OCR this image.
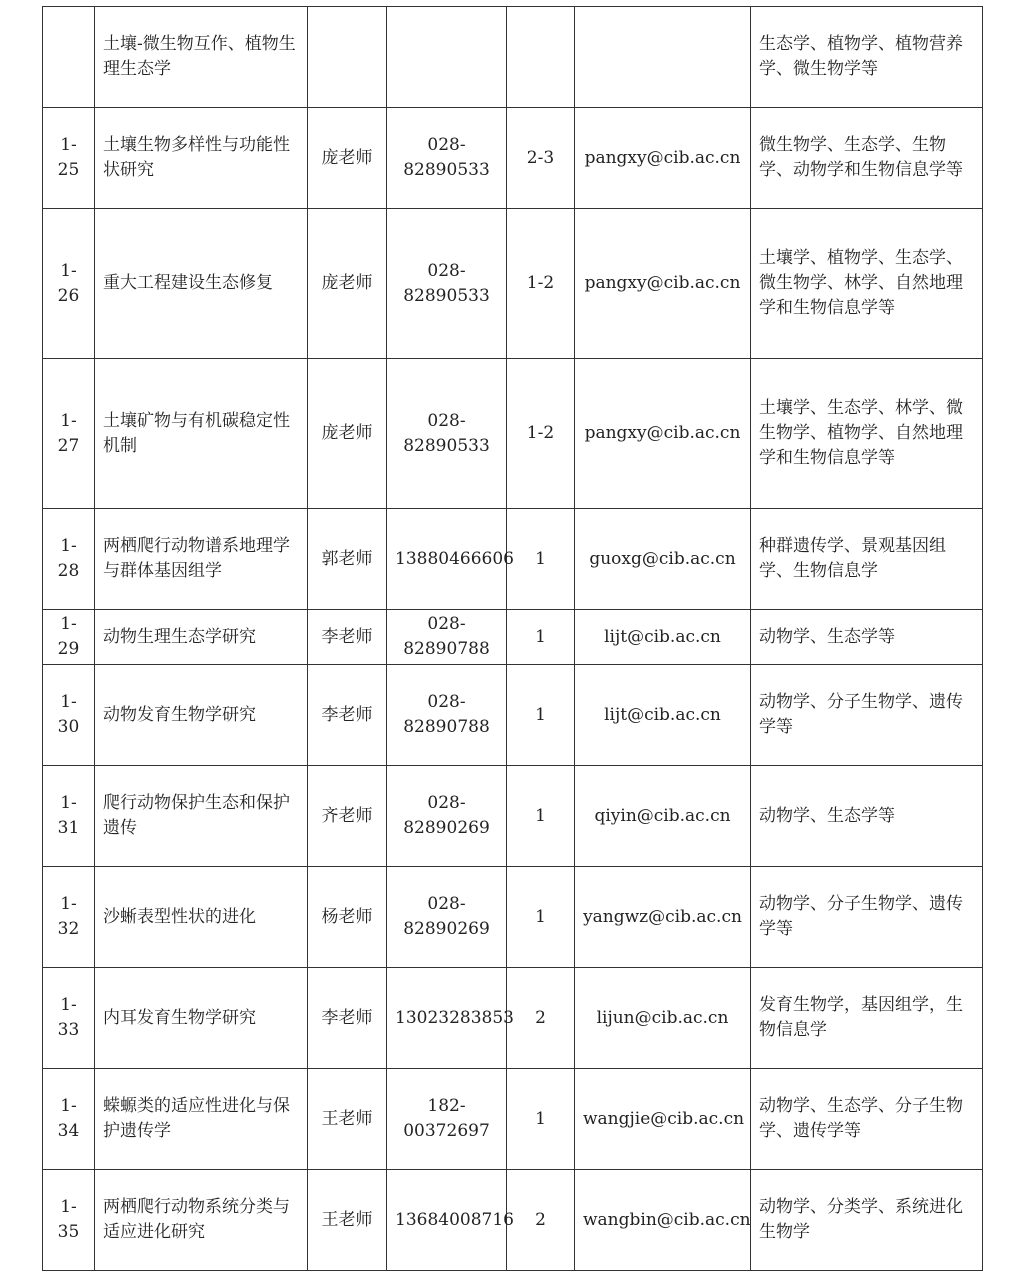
	土壤-微生物互作、植物生理生态学					生态学、植物学、植物营养学、微生物学等
1-25	土壤生物多样性与功能性状研究	庞老师	028-82890533	2-3	pangxy@cib.ac.cn	微生物学、生态学、生物学、动物学和生物信息学等
1-26	重大工程建设生态修复	庞老师	028-82890533	1-2	pangxy@cib.ac.cn	土壤学、植物学、生态学、微生物学、林学、自然地理学和生物信息学等
1-27	土壤矿物与有机碳稳定性机制	庞老师	028-82890533	1-2	pangxy@cib.ac.cn	土壤学、生态学、林学、微生物学、植物学、自然地理学和生物信息学等
1-28	两栖爬行动物谱系地理学与群体基因组学	郭老师	13880466606	1	guoxg@cib.ac.cn	种群遗传学、景观基因组学、生物信息学
1-29	动物生理生态学研究	李老师	028-82890788	1	lijt@cib.ac.cn	动物学、生态学等
1-30	动物发育生物学研究	李老师	028-82890788	1	lijt@cib.ac.cn	动物学、分子生物学、遗传学等
1-31	爬行动物保护生态和保护遗传	齐老师	028-82890269	1	qiyin@cib.ac.cn	动物学、生态学等
1-32	沙蜥表型性状的进化	杨老师	028-82890269	1	yangwz@cib.ac.cn	动物学、分子生物学、遗传学等
1-33	内耳发育生物学研究	李老师	13023283853	2	lijun@cib.ac.cn	发育生物学，基因组学，生物信息学
1-34	蝾螈类的适应性进化与保护遗传学	王老师	182-00372697	1	wangjie@cib.ac.cn	动物学、生态学、分子生物学、遗传学等
1-35	两栖爬行动物系统分类与适应进化研究	王老师	13684008716	2	wangbin@cib.ac.cn	动物学、分类学、系统进化生物学
